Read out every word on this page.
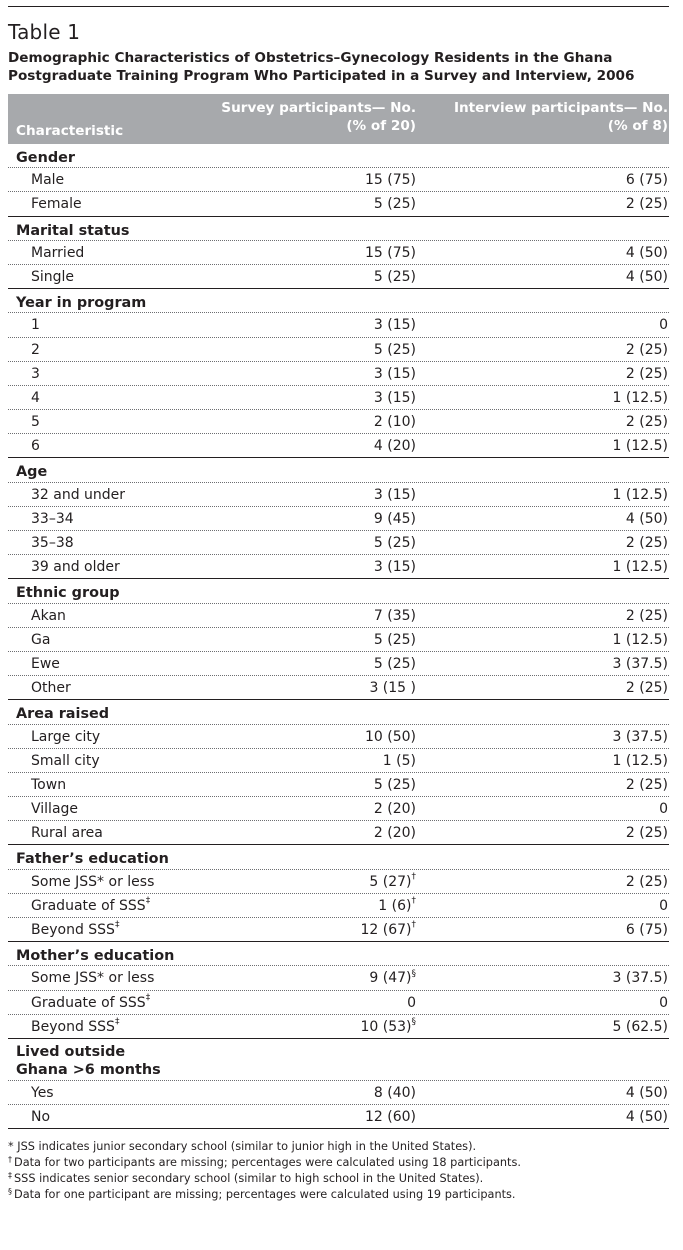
Table 1
Demographic Characteristics of Obstetrics–Gynecology Residents in the Ghana Postgraduate Training Program Who Participated in a Survey and Interview, 2006
Characteristic
Survey participants— No.
(% of 20)
Interview participants— No.
(% of 8)
Gender
Male	15 (75)	6 (75)
Female	5 (25)	2 (25)
Marital status
Married	15 (75)	4 (50)
Single	5 (25)	4 (50)
Year in program
1	3 (15)	0
2	5 (25)	2 (25)
3	3 (15)	2 (25)
4	3 (15)	1 (12.5)
5	2 (10)	2 (25)
6	4 (20)	1 (12.5)
Age
32 and under	3 (15)	1 (12.5)
33–34	9 (45)	4 (50)
35–38	5 (25)	2 (25)
39 and older	3 (15)	1 (12.5)
Ethnic group
Akan	7 (35)	2 (25)
Ga	5 (25)	1 (12.5)
Ewe	5 (25)	3 (37.5)
Other	3 (15 )	2 (25)
Area raised
Large city	10 (50)	3 (37.5)
Small city	1 (5)	1 (12.5)
Town	5 (25)	2 (25)
Village	2 (20)	0
Rural area	2 (20)	2 (25)
Father’s education
Some JSS* or less	5 (27)†	2 (25)
Graduate of SSS‡	1 (6)†	0
Beyond SSS‡	12 (67)†	6 (75)
Mother’s education
Some JSS* or less	9 (47)§	3 (37.5)
Graduate of SSS‡	0	0
Beyond SSS‡	10 (53)§	5 (62.5)
Lived outside
Ghana >6 months
Yes	8 (40)	4 (50)
No	12 (60)	4 (50)
* JSS indicates junior secondary school (similar to junior high in the United States).
† Data for two participants are missing; percentages were calculated using 18 participants.
‡ SSS indicates senior secondary school (similar to high school in the United States).
§ Data for one participant are missing; percentages were calculated using 19 participants.
